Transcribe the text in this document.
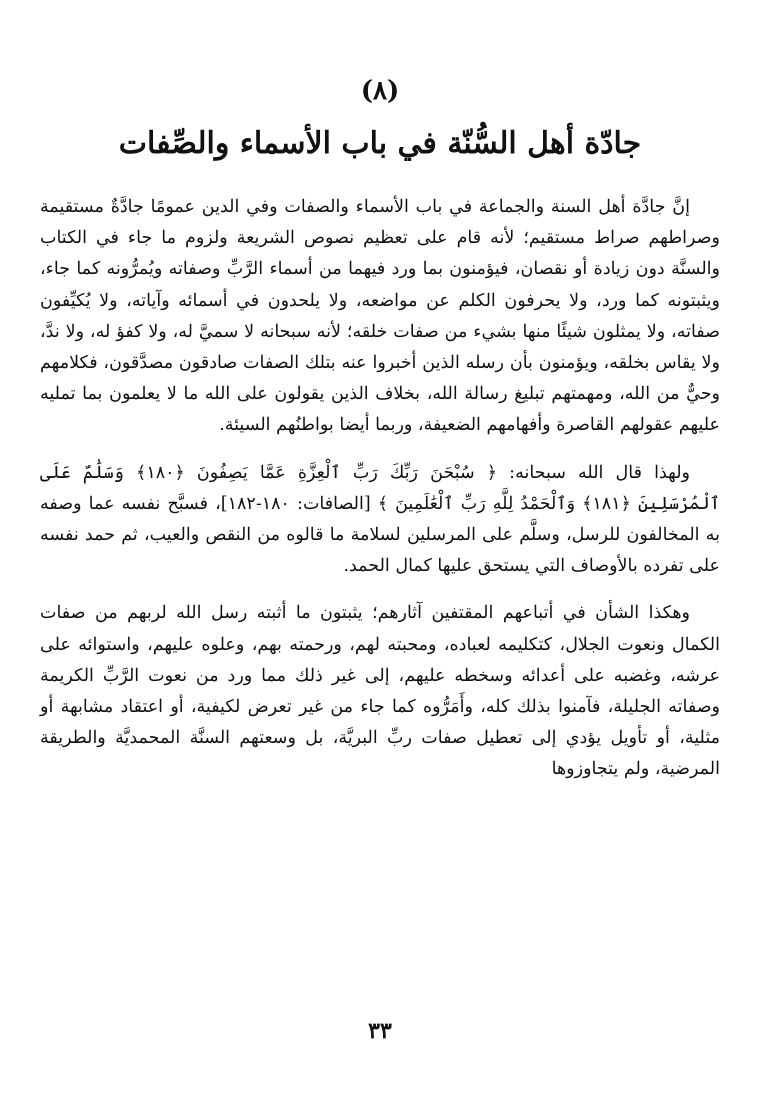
(٨)
جادّة أهل السُّنّة في باب الأسماء والصِّفات

إنَّ جادَّة أهل السنة والجماعة في باب الأسماء والصفات وفي الدين عمومًا جادَّةٌ مستقيمة وصراطهم صراط مستقيم؛ لأنه قام على تعظيم نصوص الشريعة ولزوم ما جاء في الكتاب والسنَّة دون زيادة أو نقصان، فيؤمنون بما ورد فيهما من أسماء الرَّبِّ وصفاته ويُمرُّونه كما جاء، ويثبتونه كما ورد، ولا يحرفون الكلم عن مواضعه، ولا يلحدون في أسمائه وآياته، ولا يُكيِّفون صفاته، ولا يمثلون شيئًا منها بشيء من صفات خلقه؛ لأنه سبحانه لا سميَّ له، ولا كفؤ له، ولا ندَّ، ولا يقاس بخلقه، ويؤمنون بأن رسله الذين أخبروا عنه بتلك الصفات صادقون مصدَّقون، فكلامهم وحيٌّ من الله، ومهمتهم تبليغ رسالة الله، بخلاف الذين يقولون على الله ما لا يعلمون بما تمليه عليهم عقولهم القاصرة وأفهامهم الضعيفة، وربما أيضا بواطنُهم السيئة.

ولهذا قال الله سبحانه: ﴿ سُبْحَنَ رَبِّكَ رَبِّ ٱلْعِزَّةِ عَمَّا يَصِفُونَ ﴿١٨٠﴾ وَسَلَٰمٌ عَلَى ٱلْمُرْسَلِينَ ﴿١٨١﴾ وَٱلْحَمْدُ لِلَّهِ رَبِّ ٱلْعَٰلَمِينَ ﴾ [الصافات: ١٨٠-١٨٢]، فسبَّح نفسه عما وصفه به المخالفون للرسل، وسلَّم على المرسلين لسلامة ما قالوه من النقص والعيب، ثم حمد نفسه على تفرده بالأوصاف التي يستحق عليها كمال الحمد.

وهكذا الشأن في أتباعهم المقتفين آثارهم؛ يثبتون ما أثبته رسل الله لربهم من صفات الكمال ونعوت الجلال، كتكليمه لعباده، ومحبته لهم، ورحمته بهم، وعلوه عليهم، واستوائه على عرشه، وغضبه على أعدائه وسخطه عليهم، إلى غير ذلك مما ورد من نعوت الرَّبِّ الكريمة وصفاته الجليلة، فآمنوا بذلك كله، وأَمَرُّوه كما جاء من غير تعرض لكيفية، أو اعتقاد مشابهة أو مثلية، أو تأويل يؤدي إلى تعطيل صفات ربِّ البريَّة، بل وسعتهم السنَّة المحمديَّة والطريقة المرضية، ولم يتجاوزوها

٣٣
